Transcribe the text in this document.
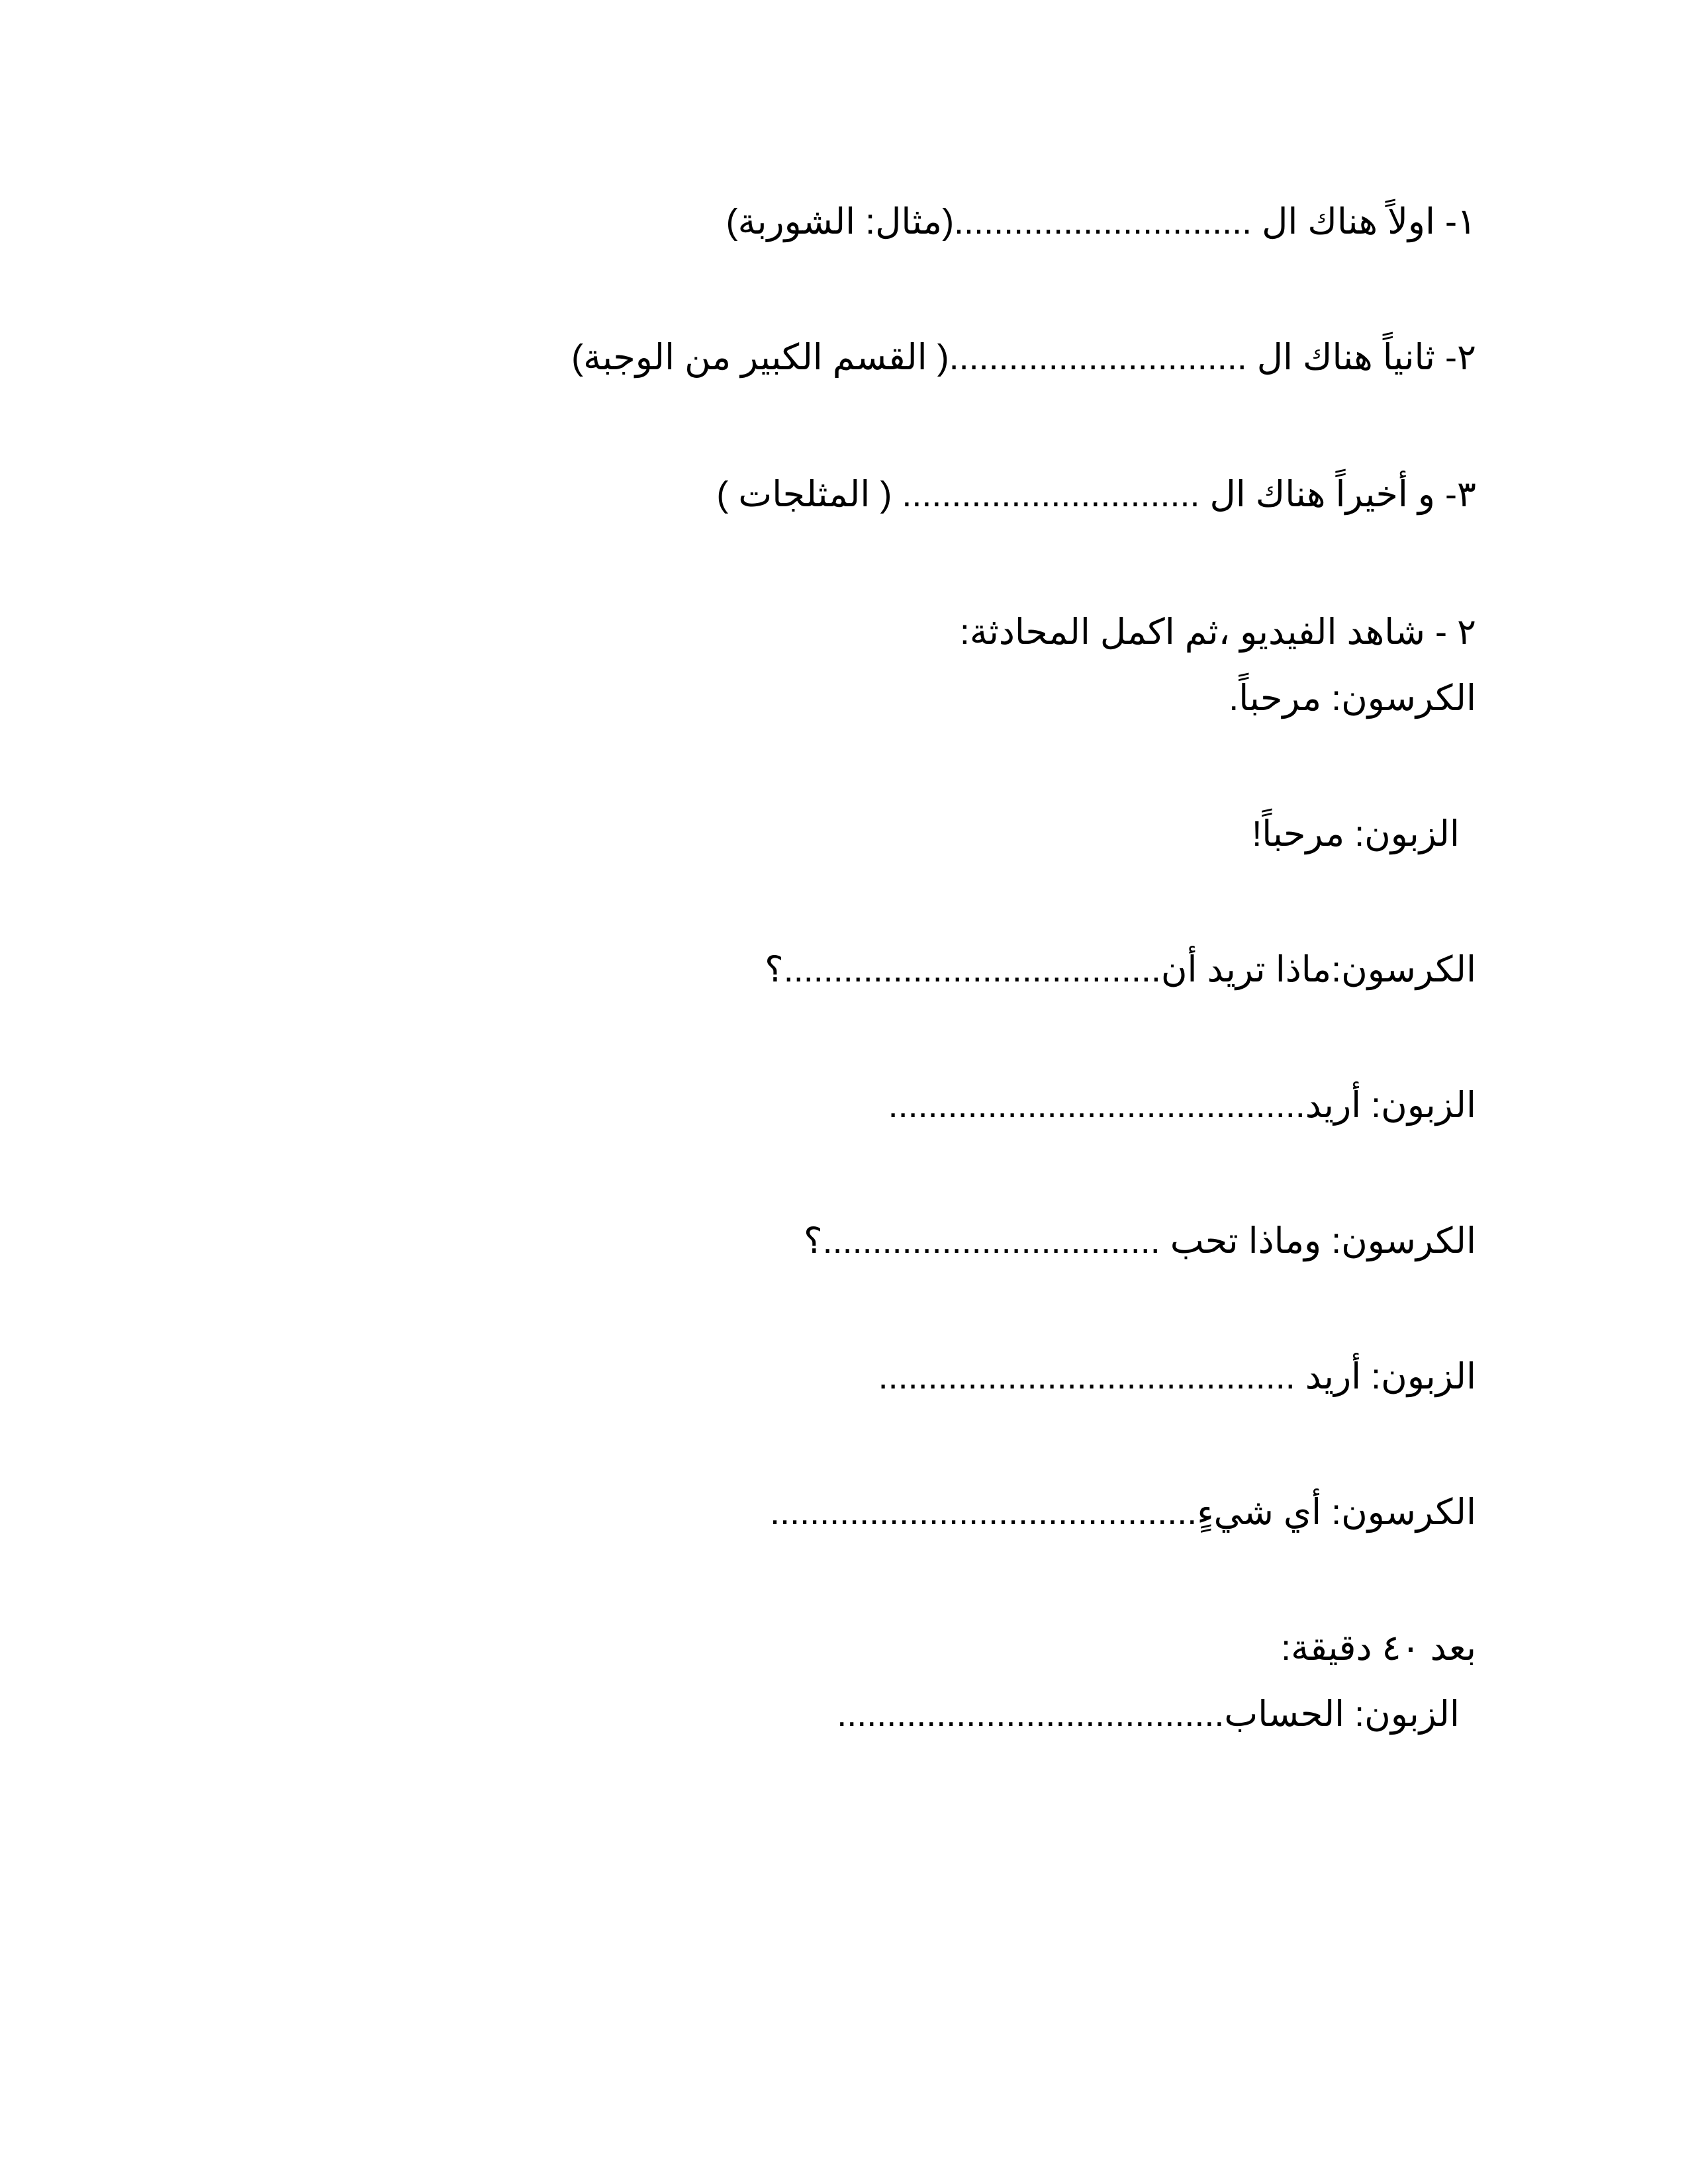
١- اولاً هناك ال ..............................(مثال: الشوربة)
٢- ثانياً هناك ال ..............................( القسم الكبير من الوجبة)
٣- و أخيراً هناك ال .............................. ( المثلجات )
٢ - شاهد الفيديو ،ثم اكمل المحادثة:
الكرسون: مرحباً.
الزبون: مرحباً!
الكرسون:ماذا تريد أن......................................؟
الزبون: أريد..........................................
الكرسون: وماذا تحب ..................................؟
الزبون: أريد ..........................................
الكرسون: أي شيءٍ...........................................
بعد ٤٠ دقيقة:
الزبون: الحساب.......................................
